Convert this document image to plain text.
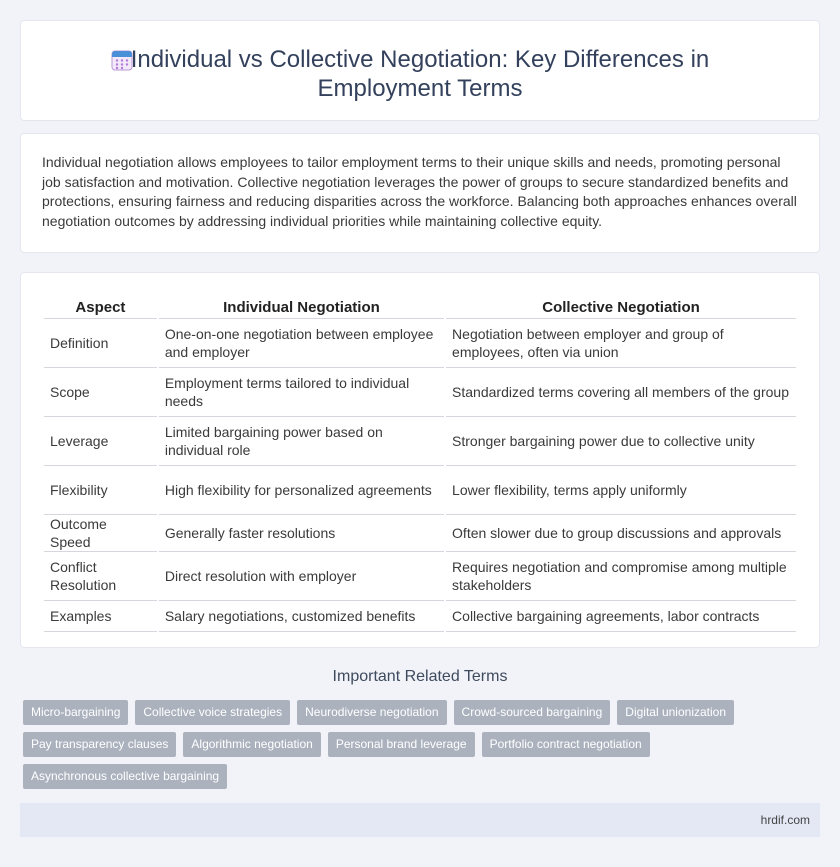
Individual vs Collective Negotiation: Key Differences in Employment Terms

Individual negotiation allows employees to tailor employment terms to their unique skills and needs, promoting personal job satisfaction and motivation. Collective negotiation leverages the power of groups to secure standardized benefits and protections, ensuring fairness and reducing disparities across the workforce. Balancing both approaches enhances overall negotiation outcomes by addressing individual priorities while maintaining collective equity.

Aspect	Individual Negotiation	Collective Negotiation
Definition	One-on-one negotiation between employee and employer	Negotiation between employer and group of employees, often via union
Scope	Employment terms tailored to individual needs	Standardized terms covering all members of the group
Leverage	Limited bargaining power based on individual role	Stronger bargaining power due to collective unity
Flexibility	High flexibility for personalized agreements	Lower flexibility, terms apply uniformly
Outcome Speed	Generally faster resolutions	Often slower due to group discussions and approvals
Conflict Resolution	Direct resolution with employer	Requires negotiation and compromise among multiple stakeholders
Examples	Salary negotiations, customized benefits	Collective bargaining agreements, labor contracts
Important Related Terms
Micro-bargaining	Collective voice strategies	Neurodiverse negotiation	Crowd-sourced bargaining	Digital unionization
Pay transparency clauses	Algorithmic negotiation	Personal brand leverage	Portfolio contract negotiation
Asynchronous collective bargaining
hrdif.com
